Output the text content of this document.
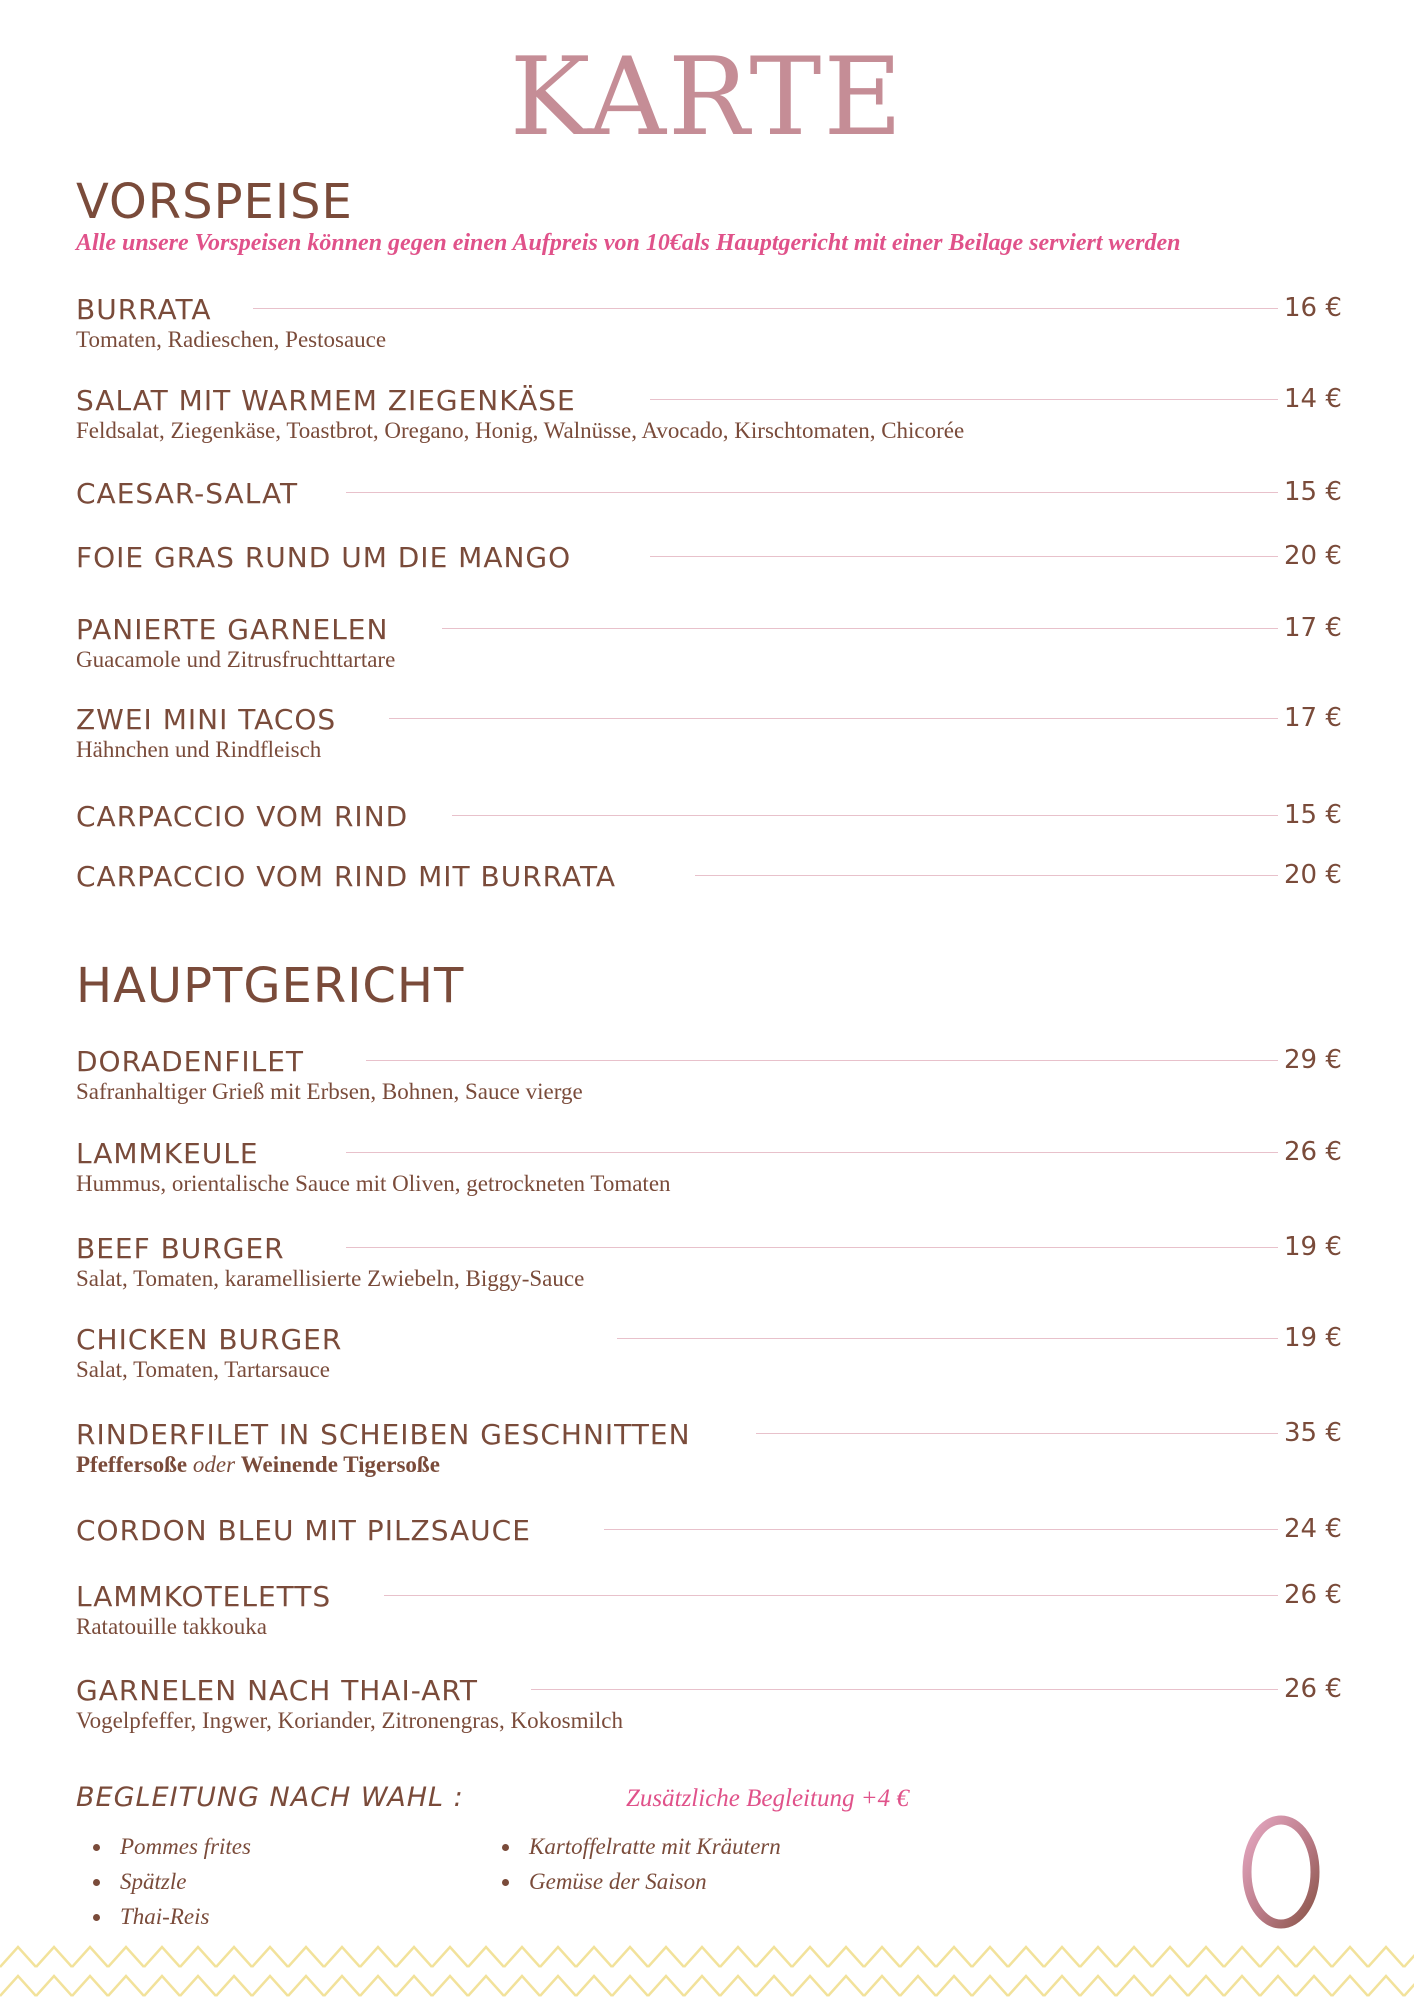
KARTE
VORSPEISE
Alle unsere Vorspeisen können gegen einen Aufpreis von 10€als Hauptgericht mit einer Beilage serviert werden
BURRATA	16 €
Tomaten, Radieschen, Pestosauce
SALAT MIT WARMEM ZIEGENKÄSE	14 €
Feldsalat, Ziegenkäse, Toastbrot, Oregano, Honig, Walnüsse, Avocado, Kirschtomaten, Chicorée
CAESAR-SALAT	15 €
FOIE GRAS RUND UM DIE MANGO	20 €
PANIERTE GARNELEN	17 €
Guacamole und Zitrusfruchttartare
ZWEI MINI TACOS	17 €
Hähnchen und Rindfleisch
CARPACCIO VOM RIND	15 €
CARPACCIO VOM RIND MIT BURRATA	20 €
HAUPTGERICHT
DORADENFILET	29 €
Safranhaltiger Grieß mit Erbsen, Bohnen, Sauce vierge
LAMMKEULE	26 €
Hummus, orientalische Sauce mit Oliven, getrockneten Tomaten
BEEF BURGER	19 €
Salat, Tomaten, karamellisierte Zwiebeln, Biggy-Sauce
CHICKEN BURGER	19 €
Salat, Tomaten, Tartarsauce
RINDERFILET IN SCHEIBEN GESCHNITTEN	35 €
Pfeffersoße oder Weinende Tigersoße
CORDON BLEU MIT PILZSAUCE	24 €
LAMMKOTELETTS	26 €
Ratatouille takkouka
GARNELEN NACH THAI-ART	26 €
Vogelpfeffer, Ingwer, Koriander, Zitronengras, Kokosmilch
BEGLEITUNG NACH WAHL :	Zusätzliche Begleitung +4 €
Pommes frites
Spätzle
Thai-Reis
Kartoffelratte mit Kräutern
Gemüse der Saison
